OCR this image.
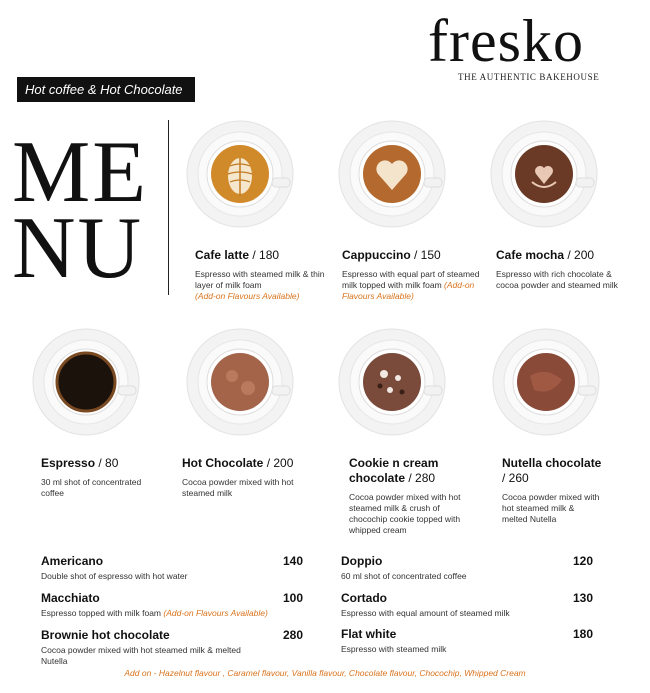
fresko
THE AUTHENTIC BAKEHOUSE
Hot coffee & Hot Chocolate
ME
NU	Cafe latte / 180
Espresso with steamed milk & thin layer of milk foam
(Add-on Flavours Available)
Cappuccino / 150
Espresso with equal part of steamed milk topped with milk foam (Add-on Flavours Available)
Cafe mocha / 200
Espresso with rich chocolate & cocoa powder and steamed milk
Espresso / 80
30 ml shot of concentrated coffee
Hot Chocolate / 200
Cocoa powder mixed with hot steamed milk
Cookie n cream chocolate / 280
Cocoa powder mixed with hot steamed milk & crush of chocochip cookie topped with whipped cream
Nutella chocolate / 260
Cocoa powder mixed with hot steamed milk & melted Nutella
Americano	140
Double shot of espresso with hot water
Macchiato	100
Espresso topped with milk foam (Add-on Flavours Available)
Brownie hot chocolate	280
Cocoa powder mixed with hot steamed milk & melted Nutella
Doppio	120
60 ml shot of concentrated coffee
Cortado	130
Espresso with equal amount of steamed milk
Flat white	180
Espresso with steamed milk
Add on - Hazelnut flavour , Caramel flavour, Vanilla flavour, Chocolate flavour, Chocochip, Whipped Cream
